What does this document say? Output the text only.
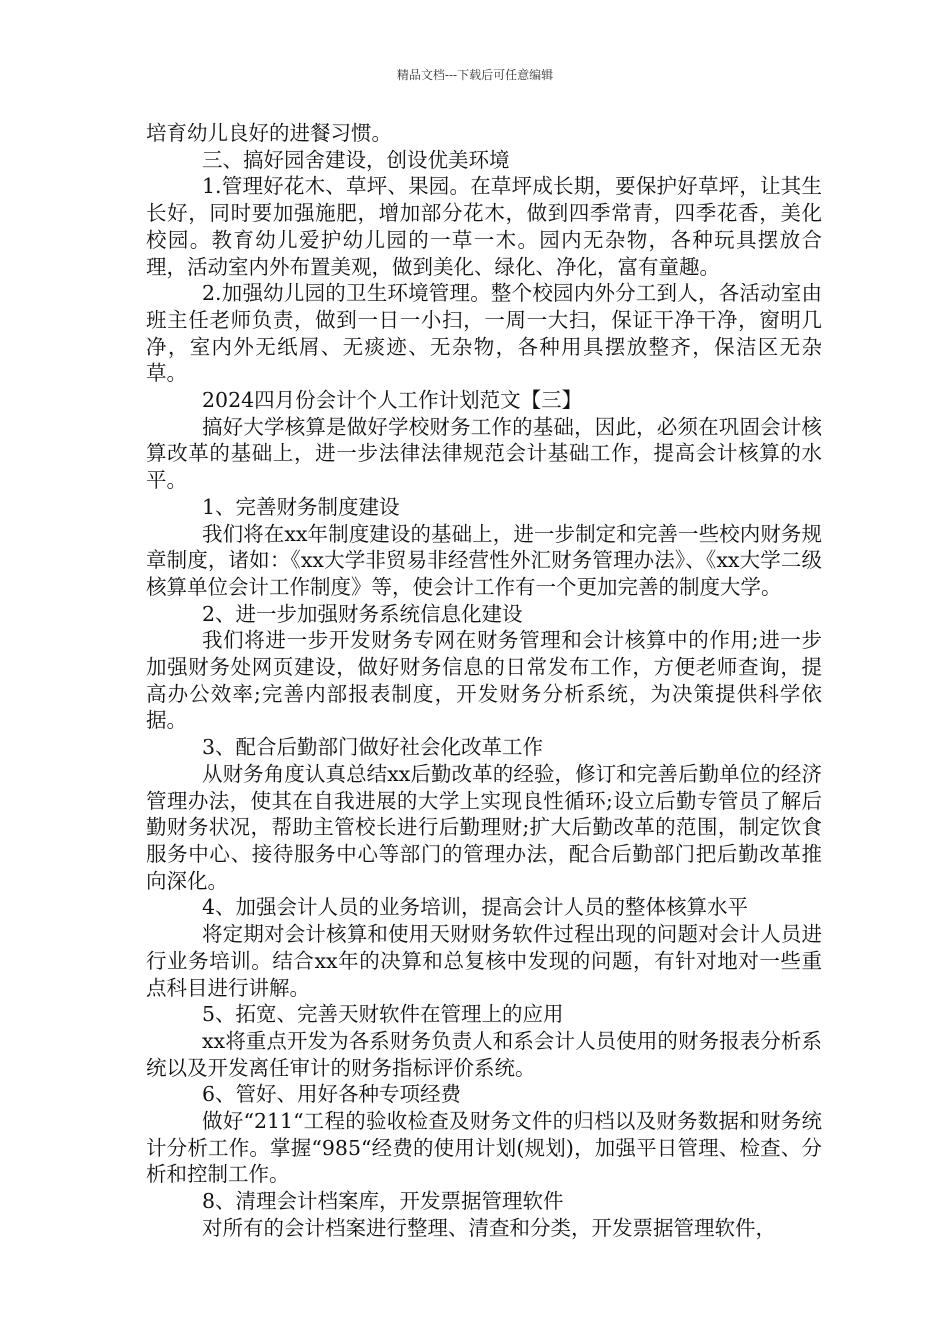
精品文档---下载后可任意编辑

培育幼儿良好的进餐习惯。

三、搞好园舍建设，创设优美环境

1.管理好花木、草坪、果园。在草坪成长期，要保护好草坪，让其生长好，同时要加强施肥，增加部分花木，做到四季常青，四季花香，美化校园。教育幼儿爱护幼儿园的一草一木。园内无杂物，各种玩具摆放合理，活动室内外布置美观，做到美化、绿化、净化，富有童趣。

2.加强幼儿园的卫生环境管理。整个校园内外分工到人，各活动室由班主任老师负责，做到一日一小扫，一周一大扫，保证干净干净，窗明几净，室内外无纸屑、无痰迹、无杂物，各种用具摆放整齐，保洁区无杂草。

2024四月份会计个人工作计划范文【三】

搞好大学核算是做好学校财务工作的基础，因此，必须在巩固会计核算改革的基础上，进一步法律法律规范会计基础工作，提高会计核算的水平。

1、完善财务制度建设

我们将在xx年制度建设的基础上，进一步制定和完善一些校内财务规章制度，诸如：《xx大学非贸易非经营性外汇财务管理办法》、《xx大学二级核算单位会计工作制度》等，使会计工作有一个更加完善的制度大学。

2、进一步加强财务系统信息化建设

我们将进一步开发财务专网在财务管理和会计核算中的作用;进一步加强财务处网页建设，做好财务信息的日常发布工作，方便老师查询，提高办公效率;完善内部报表制度，开发财务分析系统，为决策提供科学依据。

3、配合后勤部门做好社会化改革工作

从财务角度认真总结xx后勤改革的经验，修订和完善后勤单位的经济管理办法，使其在自我进展的大学上实现良性循环;设立后勤专管员了解后勤财务状况，帮助主管校长进行后勤理财;扩大后勤改革的范围，制定饮食服务中心、接待服务中心等部门的管理办法，配合后勤部门把后勤改革推向深化。

4、加强会计人员的业务培训，提高会计人员的整体核算水平

将定期对会计核算和使用天财财务软件过程出现的问题对会计人员进行业务培训。结合xx年的决算和总复核中发现的问题，有针对地对一些重点科目进行讲解。

5、拓宽、完善天财软件在管理上的应用

xx将重点开发为各系财务负责人和系会计人员使用的财务报表分析系统以及开发离任审计的财务指标评价系统。

6、管好、用好各种专项经费

做好“211“工程的验收检查及财务文件的归档以及财务数据和财务统计分析工作。掌握“985“经费的使用计划(规划)，加强平日管理、检查、分析和控制工作。

8、清理会计档案库，开发票据管理软件

对所有的会计档案进行整理、清查和分类，开发票据管理软件，
